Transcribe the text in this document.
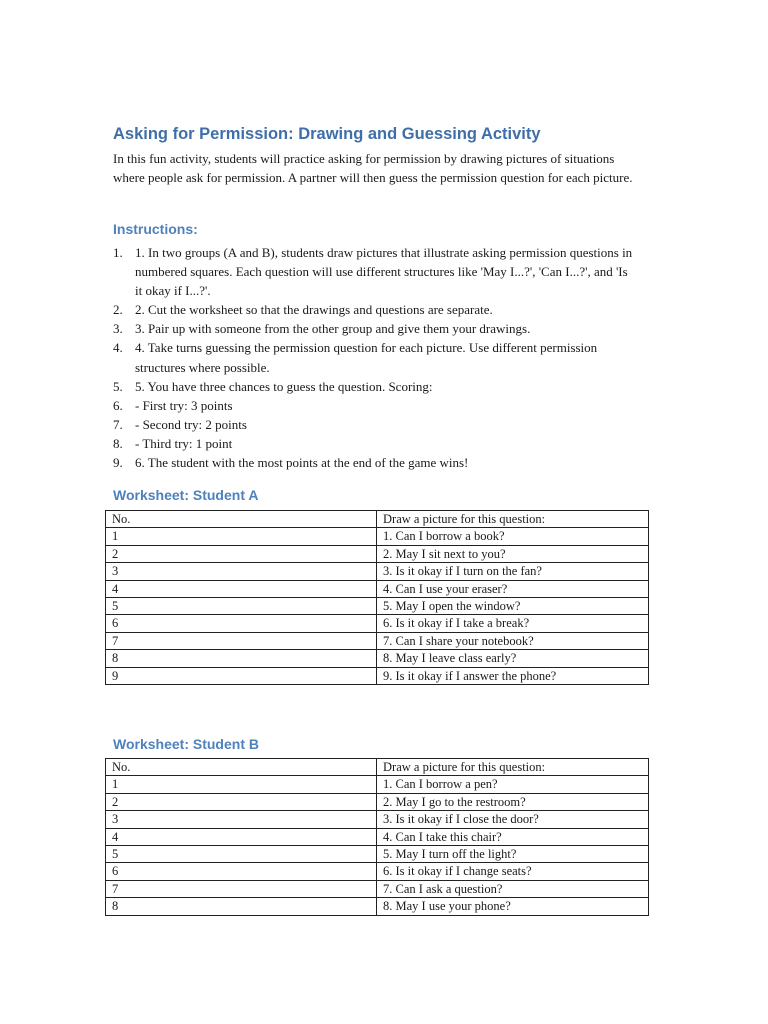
Asking for Permission: Drawing and Guessing Activity

In this fun activity, students will practice asking for permission by drawing pictures of situations where people ask for permission. A partner will then guess the permission question for each picture.

Instructions:
1. 1. In two groups (A and B), students draw pictures that illustrate asking permission questions in numbered squares. Each question will use different structures like 'May I...?', 'Can I...?', and 'Is it okay if I...?'.
2. 2. Cut the worksheet so that the drawings and questions are separate.
3. 3. Pair up with someone from the other group and give them your drawings.
4. 4. Take turns guessing the permission question for each picture. Use different permission structures where possible.
5. 5. You have three chances to guess the question. Scoring:
6. - First try: 3 points
7. - Second try: 2 points
8. - Third try: 1 point
9. 6. The student with the most points at the end of the game wins!
Worksheet: Student A
No.	Draw a picture for this question:
1	1. Can I borrow a book?
2	2. May I sit next to you?
3	3. Is it okay if I turn on the fan?
4	4. Can I use your eraser?
5	5. May I open the window?
6	6. Is it okay if I take a break?
7	7. Can I share your notebook?
8	8. May I leave class early?
9	9. Is it okay if I answer the phone?
Worksheet: Student B
No.	Draw a picture for this question:
1	1. Can I borrow a pen?
2	2. May I go to the restroom?
3	3. Is it okay if I close the door?
4	4. Can I take this chair?
5	5. May I turn off the light?
6	6. Is it okay if I change seats?
7	7. Can I ask a question?
8	8. May I use your phone?
